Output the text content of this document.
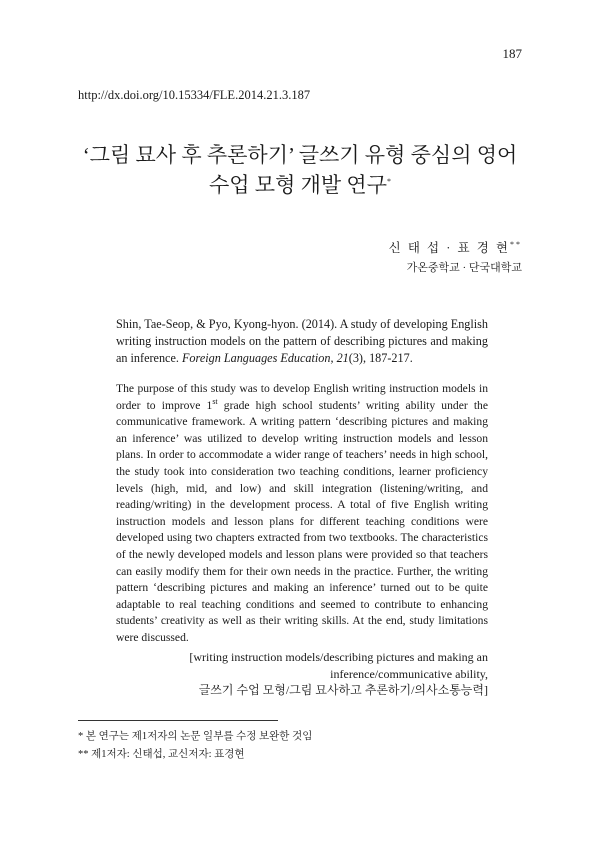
187
http://dx.doi.org/10.15334/FLE.2014.21.3.187
‘그림 묘사 후 추론하기’ 글쓰기 유형 중심의 영어
수업 모형 개발 연구*
신 태 섭 · 표 경 현**
가온중학교 · 단국대학교
Shin, Tae-Seop, & Pyo, Kyong-hyon. (2014). A study of developing English writing instruction models on the pattern of describing pictures and making an inference. Foreign Languages Education, 21(3), 187-217.

The purpose of this study was to develop English writing instruction models in order to improve 1st grade high school students’ writing ability under the communicative framework. A writing pattern ‘describing pictures and making an inference’ was utilized to develop writing instruction models and lesson plans. In order to accommodate a wider range of teachers’ needs in high school, the study took into consideration two teaching conditions, learner proficiency levels (high, mid, and low) and skill integration (listening/writing, and reading/writing) in the development process. A total of five English writing instruction models and lesson plans for different teaching conditions were developed using two chapters extracted from two textbooks. The characteristics of the newly developed models and lesson plans were provided so that teachers can easily modify them for their own needs in the practice. Further, the writing pattern ‘describing pictures and making an inference’ turned out to be quite adaptable to real teaching conditions and seemed to contribute to enhancing students’ creativity as well as their writing skills. At the end, study limitations were discussed.

[writing instruction models/describing pictures and making an
inference/communicative ability,
글쓰기 수업 모형/그림 묘사하고 추론하기/의사소통능력]
* 본 연구는 제1저자의 논문 일부를 수정 보완한 것임
** 제1저자: 신태섭, 교신저자: 표경현
